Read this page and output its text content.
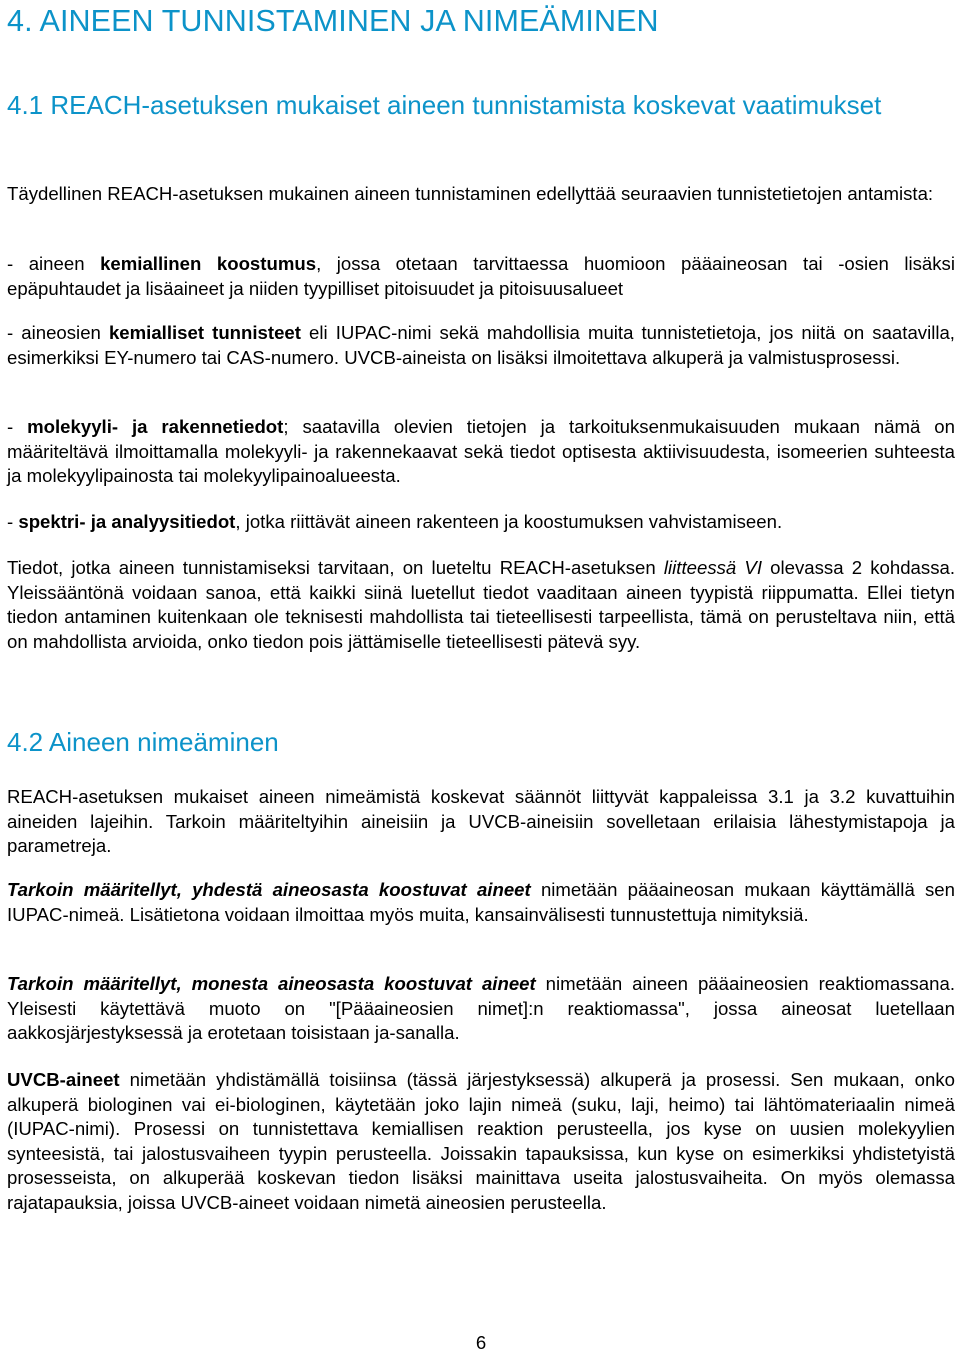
4. AINEEN TUNNISTAMINEN JA NIMEÄMINEN
4.1 REACH-asetuksen mukaiset aineen tunnistamista koskevat vaatimukset

Täydellinen REACH-asetuksen mukainen aineen tunnistaminen edellyttää seuraavien tunnistetietojen antamista:

- aineen kemiallinen koostumus, jossa otetaan tarvittaessa huomioon pääaineosan tai -osien lisäksi epäpuhtaudet ja lisäaineet ja niiden tyypilliset pitoisuudet ja pitoisuusalueet

- aineosien kemialliset tunnisteet eli IUPAC-nimi sekä mahdollisia muita tunnistetietoja, jos niitä on saatavilla, esimerkiksi EY-numero tai CAS-numero. UVCB-aineista on lisäksi ilmoitettava alkuperä ja valmistusprosessi.

- molekyyli- ja rakennetiedot; saatavilla olevien tietojen ja tarkoituksenmukaisuuden mukaan nämä on määriteltävä ilmoittamalla molekyyli- ja rakennekaavat sekä tiedot optisesta aktiivisuudesta, isomeerien suhteesta ja molekyylipainosta tai molekyylipainoalueesta.

- spektri- ja analyysitiedot, jotka riittävät aineen rakenteen ja koostumuksen vahvistamiseen.

Tiedot, jotka aineen tunnistamiseksi tarvitaan, on lueteltu REACH-asetuksen liitteessä VI olevassa 2 kohdassa. Yleissääntönä voidaan sanoa, että kaikki siinä luetellut tiedot vaaditaan aineen tyypistä riippumatta. Ellei tietyn tiedon antaminen kuitenkaan ole teknisesti mahdollista tai tieteellisesti tarpeellista, tämä on perusteltava niin, että on mahdollista arvioida, onko tiedon pois jättämiselle tieteellisesti pätevä syy.

4.2 Aineen nimeäminen

REACH-asetuksen mukaiset aineen nimeämistä koskevat säännöt liittyvät kappaleissa 3.1 ja 3.2 kuvattuihin aineiden lajeihin. Tarkoin määriteltyihin aineisiin ja UVCB-aineisiin sovelletaan erilaisia lähestymistapoja ja parametreja.

Tarkoin määritellyt, yhdestä aineosasta koostuvat aineet nimetään pääaineosan mukaan käyttämällä sen IUPAC-nimeä. Lisätietona voidaan ilmoittaa myös muita, kansainvälisesti tunnustettuja nimityksiä.

Tarkoin määritellyt, monesta aineosasta koostuvat aineet nimetään aineen pääaineosien reaktiomassana. Yleisesti käytettävä muoto on "[Pääaineosien nimet]:n reaktiomassa", jossa aineosat luetellaan aakkosjärjestyksessä ja erotetaan toisistaan ja-sanalla.

UVCB-aineet nimetään yhdistämällä toisiinsa (tässä järjestyksessä) alkuperä ja prosessi. Sen mukaan, onko alkuperä biologinen vai ei-biologinen, käytetään joko lajin nimeä (suku, laji, heimo) tai lähtömateriaalin nimeä (IUPAC-nimi). Prosessi on tunnistettava kemiallisen reaktion perusteella, jos kyse on uusien molekyylien synteesistä, tai jalostusvaiheen tyypin perusteella. Joissakin tapauksissa, kun kyse on esimerkiksi yhdistetyistä prosesseista, on alkuperää koskevan tiedon lisäksi mainittava useita jalostusvaiheita. On myös olemassa rajatapauksia, joissa UVCB-aineet voidaan nimetä aineosien perusteella.

6
